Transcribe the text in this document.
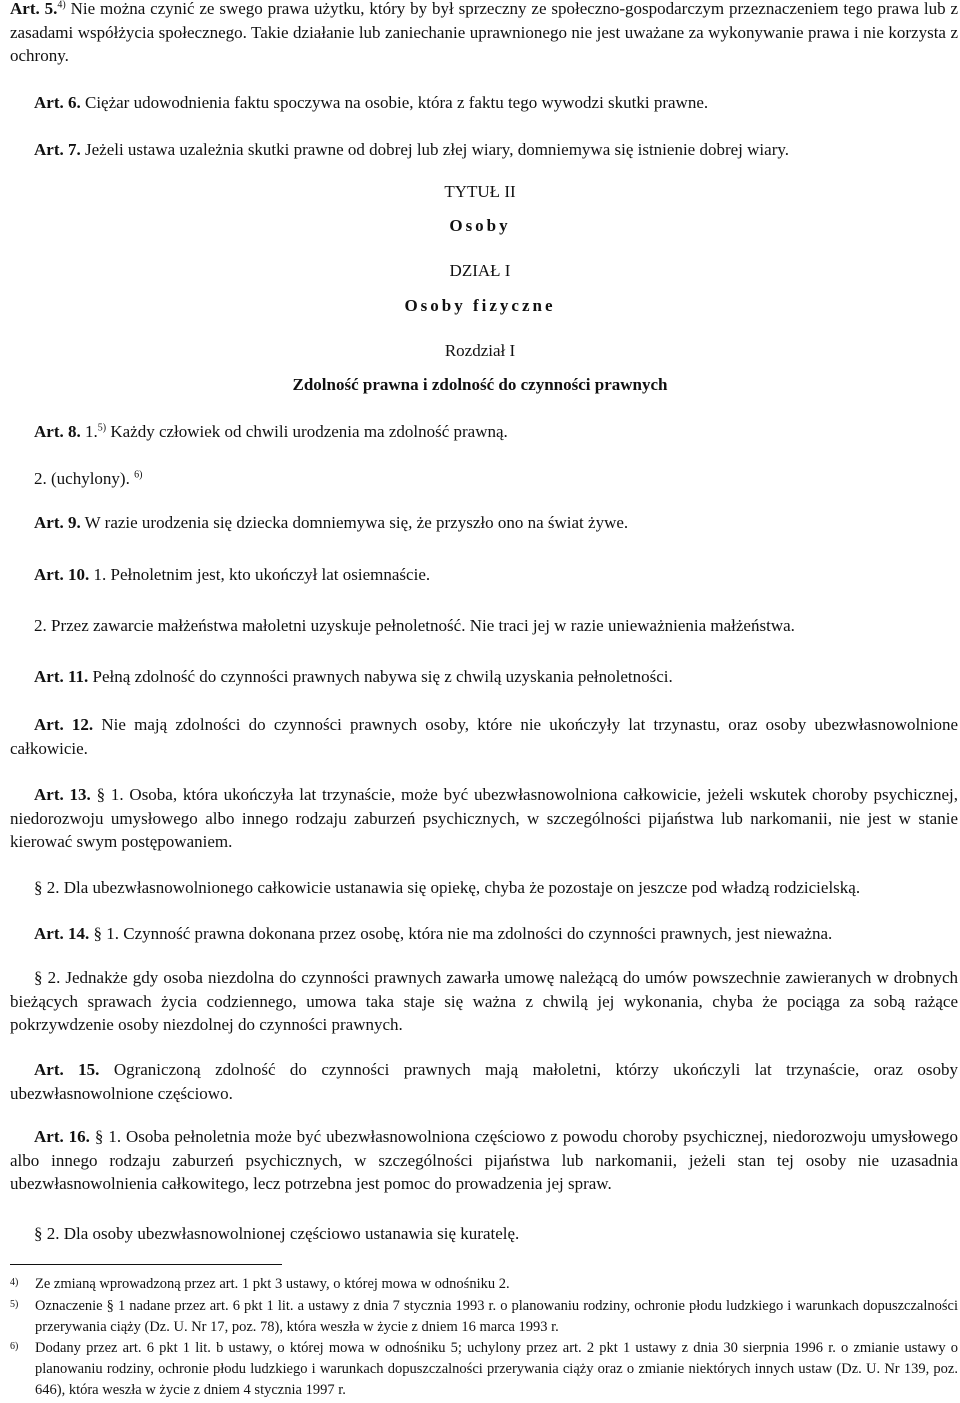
Art. 5.$^{4)}$ Nie można czynić ze swego prawa użytku, który by był sprzeczny ze społeczno-gospodarczym przeznaczeniem tego prawa lub z zasadami współżycia społecznego. Takie działanie lub zaniechanie uprawnionego nie jest uważane za wykonywanie prawa i nie korzysta z ochrony.

Art. 6. Ciężar udowodnienia faktu spoczywa na osobie, która z faktu tego wywodzi skutki prawne.

Art. 7. Jeżeli ustawa uzależnia skutki prawne od dobrej lub złej wiary, domniemywa się istnienie dobrej wiary.

TYTUŁ II

Osoby

DZIAŁ I

Osoby fizyczne

Rozdział I

Zdolność prawna i zdolność do czynności prawnych

Art. 8. 1.$^{5)}$ Każdy człowiek od chwili urodzenia ma zdolność prawną.

2. (uchylony). $^{6)}$

Art. 9. W razie urodzenia się dziecka domniemywa się, że przyszło ono na świat żywe.

Art. 10. 1. Pełnoletnim jest, kto ukończył lat osiemnaście.

2. Przez zawarcie małżeństwa małoletni uzyskuje pełnoletność. Nie traci jej w razie unieważnienia małżeństwa.

Art. 11. Pełną zdolność do czynności prawnych nabywa się z chwilą uzyskania pełnoletności.

Art. 12. Nie mają zdolności do czynności prawnych osoby, które nie ukończyły lat trzynastu, oraz osoby ubezwłasnowolnione całkowicie.

Art. 13. § 1. Osoba, która ukończyła lat trzynaście, może być ubezwłasnowolniona całkowicie, jeżeli wskutek choroby psychicznej, niedorozwoju umysłowego albo innego rodzaju zaburzeń psychicznych, w szczególności pijaństwa lub narkomanii, nie jest w stanie kierować swym postępowaniem.

§ 2. Dla ubezwłasnowolnionego całkowicie ustanawia się opiekę, chyba że pozostaje on jeszcze pod władzą rodzicielską.

Art. 14. § 1. Czynność prawna dokonana przez osobę, która nie ma zdolności do czynności prawnych, jest nieważna.

§ 2. Jednakże gdy osoba niezdolna do czynności prawnych zawarła umowę należącą do umów powszechnie zawieranych w drobnych bieżących sprawach życia codziennego, umowa taka staje się ważna z chwilą jej wykonania, chyba że pociąga za sobą rażące pokrzywdzenie osoby niezdolnej do czynności prawnych.

Art. 15. Ograniczoną zdolność do czynności prawnych mają małoletni, którzy ukończyli lat trzynaście, oraz osoby ubezwłasnowolnione częściowo.

Art. 16. § 1. Osoba pełnoletnia może być ubezwłasnowolniona częściowo z powodu choroby psychicznej, niedorozwoju umysłowego albo innego rodzaju zaburzeń psychicznych, w szczególności pijaństwa lub narkomanii, jeżeli stan tej osoby nie uzasadnia ubezwłasnowolnienia całkowitego, lecz potrzebna jest pomoc do prowadzenia jej spraw.

§ 2. Dla osoby ubezwłasnowolnionej częściowo ustanawia się kuratelę.

4) Ze zmianą wprowadzoną przez art. 1 pkt 3 ustawy, o której mowa w odnośniku 2.

5) Oznaczenie § 1 nadane przez art. 6 pkt 1 lit. a ustawy z dnia 7 stycznia 1993 r. o planowaniu rodziny, ochronie płodu ludzkiego i warunkach dopuszczalności przerywania ciąży (Dz. U. Nr 17, poz. 78), która weszła w życie z dniem 16 marca 1993 r.

6) Dodany przez art. 6 pkt 1 lit. b ustawy, o której mowa w odnośniku 5; uchylony przez art. 2 pkt 1 ustawy z dnia 30 sierpnia 1996 r. o zmianie ustawy o planowaniu rodziny, ochronie płodu ludzkiego i warunkach dopuszczalności przerywania ciąży oraz o zmianie niektórych innych ustaw (Dz. U. Nr 139, poz. 646), która weszła w życie z dniem 4 stycznia 1997 r.
